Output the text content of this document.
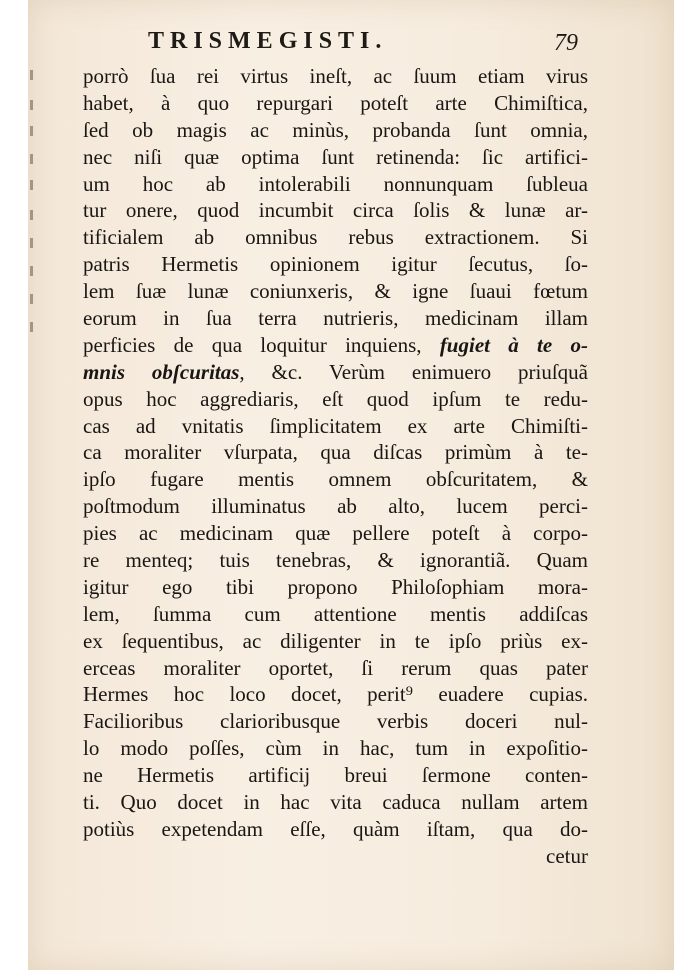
TRISMEGISTI.	79
porrò ſua rei virtus ineſt, ac ſuum etiam virus
habet, à quo repurgari poteſt arte Chimiſtica,
ſed ob magis ac minùs, probanda ſunt omnia,
nec niſi quæ optima ſunt retinenda: ſic artifici-
um hoc ab intolerabili nonnunquam ſubleua
tur onere, quod incumbit circa ſolis & lunæ ar-
tificialem ab omnibus rebus extractionem. Si
patris Hermetis opinionem igitur ſecutus, ſo-
lem ſuæ lunæ coniunxeris, & igne ſuaui fœtum
eorum in ſua terra nutrieris, medicinam illam
perficies de qua loquitur inquiens, fugiet à te o-
mnis obſcuritas, &c. Verùm enimuero priuſquã
opus hoc aggrediaris, eſt quod ipſum te redu-
cas ad vnitatis ſimplicitatem ex arte Chimiſti-
ca moraliter vſurpata, qua diſcas primùm à te-
ipſo fugare mentis omnem obſcuritatem, &
poſtmodum illuminatus ab alto, lucem perci-
pies ac medicinam quæ pellere poteſt à corpo-
re menteq; tuis tenebras, & ignorantiã. Quam
igitur ego tibi propono Philoſophiam mora-
lem, ſumma cum attentione mentis addiſcas
ex ſequentibus, ac diligenter in te ipſo priùs ex-
erceas moraliter oportet, ſi rerum quas pater
Hermes hoc loco docet, perit⁹ euadere cupias.
Facilioribus clarioribusque verbis doceri nul-
lo modo poſſes, cùm in hac, tum in expoſitio-
ne Hermetis artificij breui ſermone conten-
ti. Quo docet in hac vita caduca nullam artem
potiùs expetendam eſſe, quàm iſtam, qua do-
cetur
